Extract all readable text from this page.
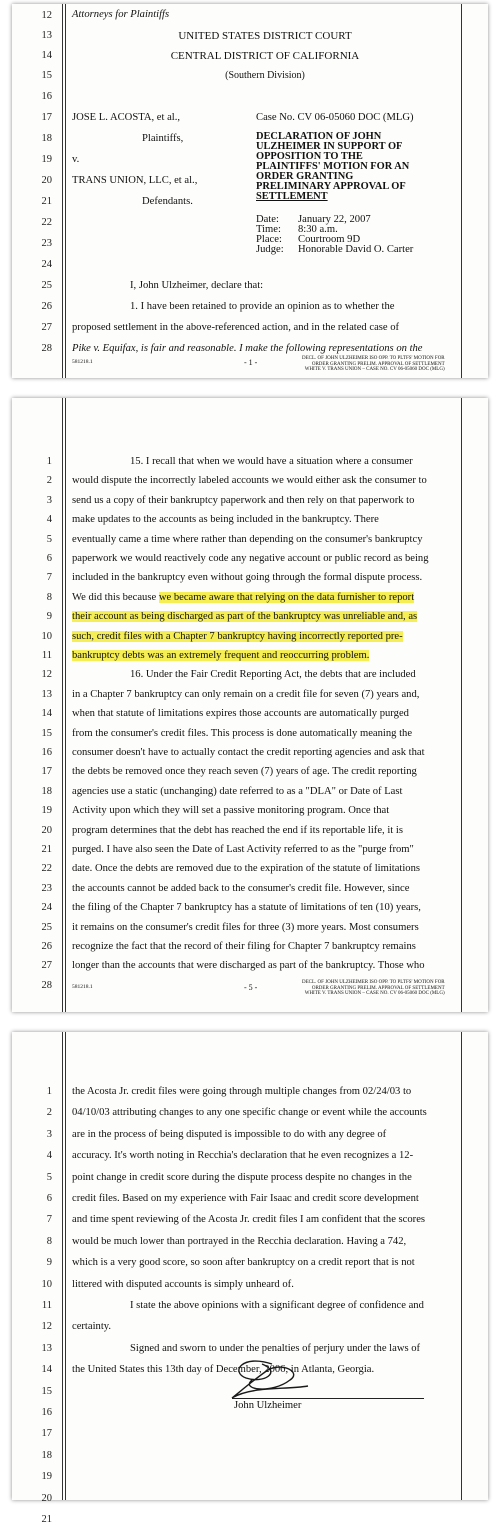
12
13
14
15
16
17
18
19
20
21
22
23
24
25
26
27
28
Attorneys for Plaintiffs
UNITED STATES DISTRICT COURT
CENTRAL DISTRICT OF CALIFORNIA
(Southern Division)
JOSE L. ACOSTA, et al.,
Plaintiffs,
v.
TRANS UNION, LLC, et al.,
Defendants.
Case No. CV 06-05060 DOC (MLG)
DECLARATION OF JOHN
ULZHEIMER IN SUPPORT OF
OPPOSITION TO THE
PLAINTIFFS' MOTION FOR AN
ORDER GRANTING
PRELIMINARY APPROVAL OF
SETTLEMENT
Date: January 22, 2007
Time: 8:30 a.m.
Place: Courtroom 9D
Judge: Honorable David O. Carter
I, John Ulzheimer, declare that:
1. I have been retained to provide an opinion as to whether the
proposed settlement in the above-referenced action, and in the related case of
Pike v. Equifax, is fair and reasonable. I make the following representations on the
581218.1	- 1 -	DECL. OF JOHN ULZHEIMER ISO OPP. TO PLTFS' MOTION FOR
ORDER GRANTING PRELIM. APPROVAL OF SETTLEMENT
WHITE V. TRANS UNION – CASE NO. CV 06-05060 DOC (MLG)
1
2
3
4
5
6
7
8
9
10
11
12
13
14
15
16
17
18
19
20
21
22
23
24
25
26
27
28
15. I recall that when we would have a situation where a consumer
would dispute the incorrectly labeled accounts we would either ask the consumer to
send us a copy of their bankruptcy paperwork and then rely on that paperwork to
make updates to the accounts as being included in the bankruptcy. There
eventually came a time where rather than depending on the consumer's bankruptcy
paperwork we would reactively code any negative account or public record as being
included in the bankruptcy even without going through the formal dispute process.
We did this because we became aware that relying on the data furnisher to report
their account as being discharged as part of the bankruptcy was unreliable and, as
such, credit files with a Chapter 7 bankruptcy having incorrectly reported pre-
bankruptcy debts was an extremely frequent and reoccurring problem.
16. Under the Fair Credit Reporting Act, the debts that are included
in a Chapter 7 bankruptcy can only remain on a credit file for seven (7) years and,
when that statute of limitations expires those accounts are automatically purged
from the consumer's credit files. This process is done automatically meaning the
consumer doesn't have to actually contact the credit reporting agencies and ask that
the debts be removed once they reach seven (7) years of age. The credit reporting
agencies use a static (unchanging) date referred to as a "DLA" or Date of Last
Activity upon which they will set a passive monitoring program. Once that
program determines that the debt has reached the end if its reportable life, it is
purged. I have also seen the Date of Last Activity referred to as the "purge from"
date. Once the debts are removed due to the expiration of the statute of limitations
the accounts cannot be added back to the consumer's credit file. However, since
the filing of the Chapter 7 bankruptcy has a statute of limitations of ten (10) years,
it remains on the consumer's credit files for three (3) more years. Most consumers
recognize the fact that the record of their filing for Chapter 7 bankruptcy remains
longer than the accounts that were discharged as part of the bankruptcy. Those who
581218.1	- 5 -
DECL. OF JOHN ULZHEIMER ISO OPP. TO PLTFS' MOTION FOR
ORDER GRANTING PRELIM. APPROVAL OF SETTLEMENT
WHITE V. TRANS UNION – CASE NO. CV 06-05060 DOC (MLG)
1
2
3
4
5
6
7
8
9
10
11
12
13
14
15
16
17
18
19
20
21
the Acosta Jr. credit files were going through multiple changes from 02/24/03 to
04/10/03 attributing changes to any one specific change or event while the accounts
are in the process of being disputed is impossible to do with any degree of
accuracy. It's worth noting in Recchia's declaration that he even recognizes a 12-
point change in credit score during the dispute process despite no changes in the
credit files. Based on my experience with Fair Isaac and credit score development
and time spent reviewing of the Acosta Jr. credit files I am confident that the scores
would be much lower than portrayed in the Recchia declaration. Having a 742,
which is a very good score, so soon after bankruptcy on a credit report that is not
littered with disputed accounts is simply unheard of.
I state the above opinions with a significant degree of confidence and
certainty.
Signed and sworn to under the penalties of perjury under the laws of
the United States this 13th day of December, 2006, in Atlanta, Georgia.
John Ulzheimer
